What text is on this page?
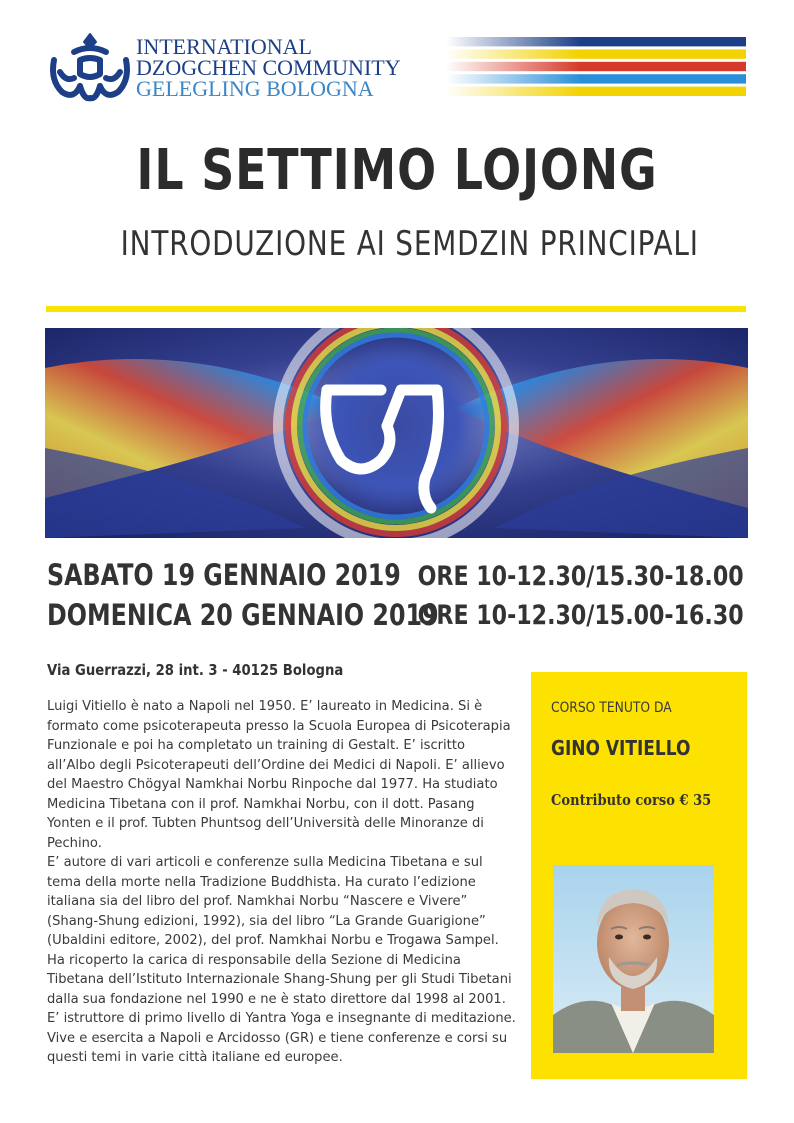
INTERNATIONAL
DZOGCHEN COMMUNITY
GELEGLING BOLOGNA
IL SETTIMO LOJONG
INTRODUZIONE AI SEMDZIN PRINCIPALI
SABATO 19 GENNAIO 2019
DOMENICA 20 GENNAIO 2019
ORE 10-12.30/15.30-18.00
ORE 10-12.30/15.00-16.30
Via Guerrazzi, 28 int. 3 - 40125 Bologna

Luigi Vitiello è nato a Napoli nel 1950. E’ laureato in Medicina. Si è formato come psicoterapeuta presso la Scuola Europea di Psicoterapia Funzionale e poi ha completato un training di Gestalt. E’ iscritto all’Albo degli Psicoterapeuti dell’Ordine dei Medici di Napoli. E’ allievo del Maestro Chögyal Namkhai Norbu Rinpoche dal 1977. Ha studiato Medicina Tibetana con il prof. Namkhai Norbu, con il dott. Pasang Yonten e il prof. Tubten Phuntsog dell’Università delle Minoranze di Pechino.

E’ autore di vari articoli e conferenze sulla Medicina Tibetana e sul tema della morte nella Tradizione Buddhista. Ha curato l’edizione italiana sia del libro del prof. Namkhai Norbu “Nascere e Vivere” (Shang-Shung edizioni, 1992), sia del libro “La Grande Guarigione” (Ubaldini editore, 2002), del prof. Namkhai Norbu e Trogawa Sampel. Ha ricoperto la carica di responsabile della Sezione di Medicina Tibetana dell’Istituto Internazionale Shang-Shung per gli Studi Tibetani dalla sua fondazione nel 1990 e ne è stato direttore dal 1998 al 2001. E’ istruttore di primo livello di Yantra Yoga e insegnante di meditazione. Vive e esercita a Napoli e Arcidosso (GR) e tiene conferenze e corsi su questi temi in varie città italiane ed europee.

CORSO TENUTO DA
GINO VITIELLO
Contributo corso € 35
